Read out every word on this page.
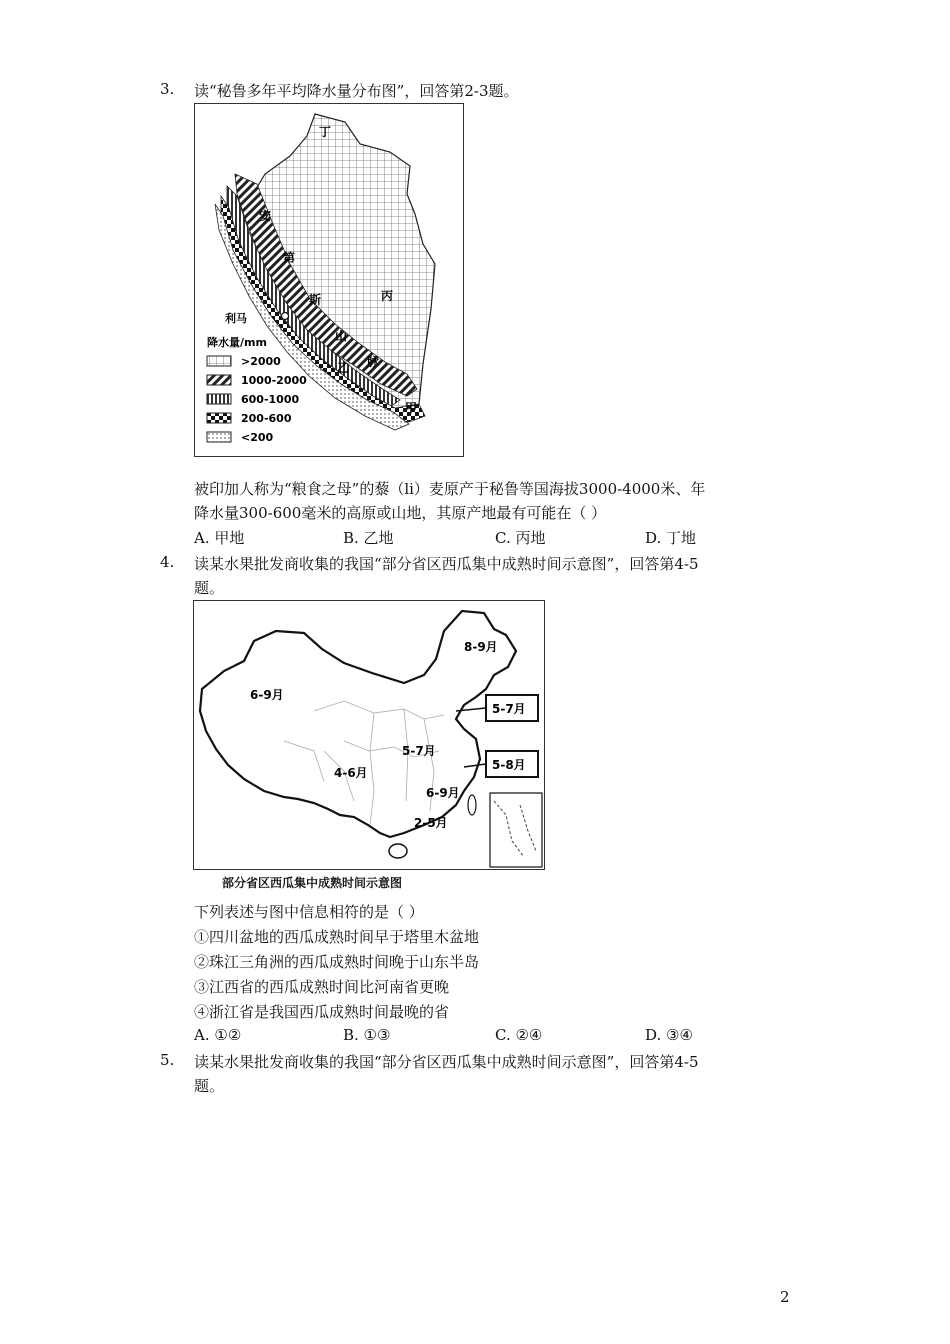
3. 读“秘鲁多年平均降水量分布图”，回答第2-3题。
丁
安
第
斯
山
脉
丙
乙
甲
利马
降水量/mm
>2000
1000-2000
600-1000
200-600
<200
被印加人称为“粮食之母”的藜（li）麦原产于秘鲁等国海拔3000-4000米、年
降水量300-600毫米的高原或山地，其原产地最有可能在（ ）
A. 甲地	B. 乙地	C. 丙地	D. 丁地
4. 读某水果批发商收集的我国“部分省区西瓜集中成熟时间示意图”，回答第4-5
题。
8-9月
6-9月
5-7月
5-7月
5-8月
4-6月
6-9月
2-5月
部分省区西瓜集中成熟时间示意图
下列表述与图中信息相符的是（ ）
①四川盆地的西瓜成熟时间早于塔里木盆地
②珠江三角洲的西瓜成熟时间晚于山东半岛
③江西省的西瓜成熟时间比河南省更晚
④浙江省是我国西瓜成熟时间最晚的省
A. ①②	B. ①③	C. ②④	D. ③④
5. 读某水果批发商收集的我国“部分省区西瓜集中成熟时间示意图”，回答第4-5
题。
2
